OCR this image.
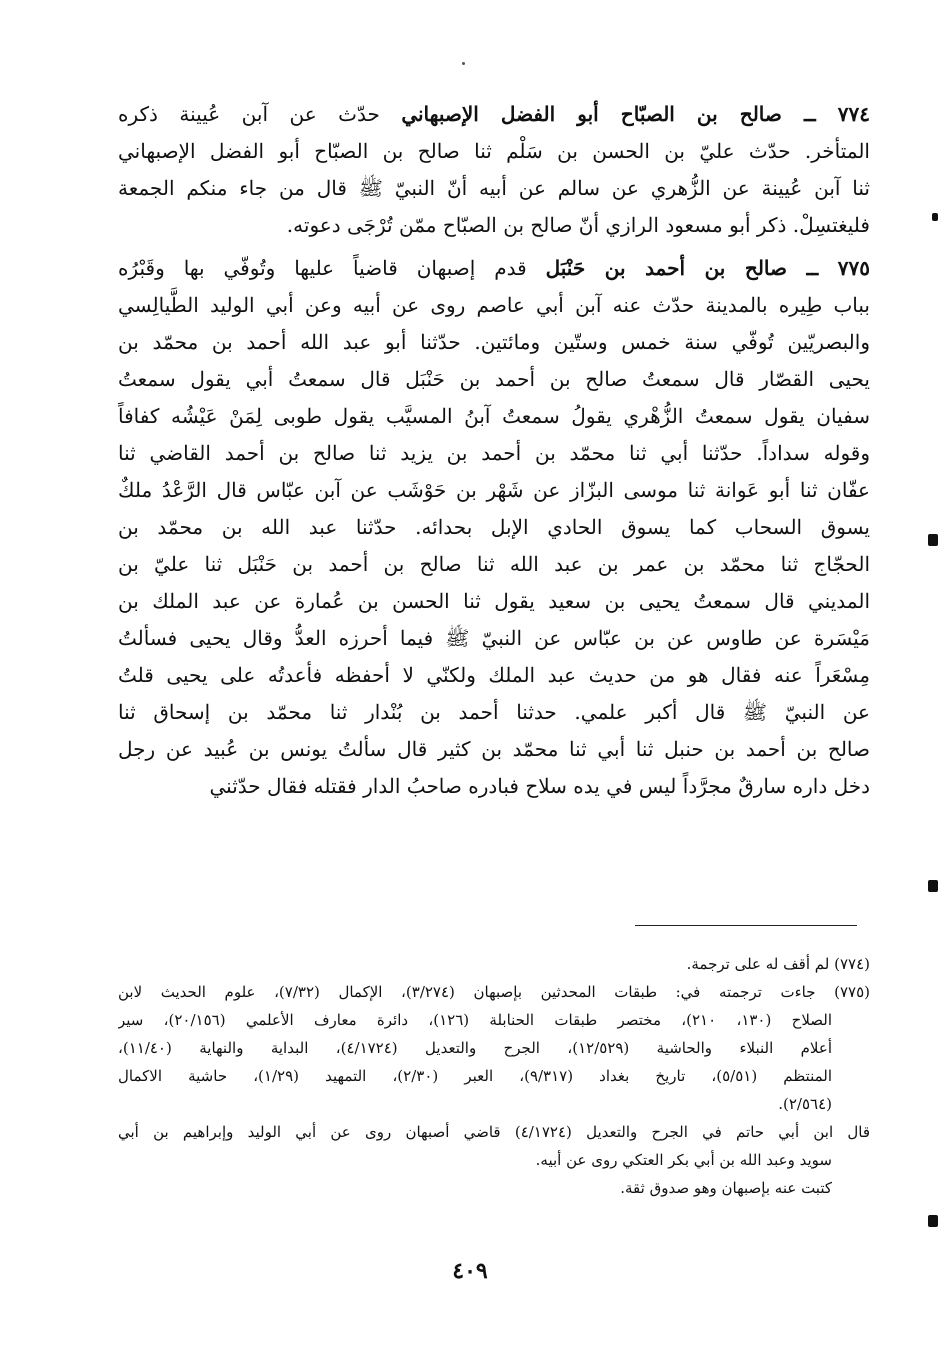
٧٧٤ ــ صالح بن الصبّاح أبو الفضل الإصبهاني حدّث عن آبن عُيينة ذكره
المتأخر. حدّث عليّ بن الحسن بن سَلْم ثنا صالح بن الصبّاح أبو الفضل الإصبهاني
ثنا آبن عُيينة عن الزُّهري عن سالم عن أبيه أنّ النبيّ ﷺ قال من جاء منكم الجمعة
فليغتسِلْ. ذكر أبو مسعود الرازي أنّ صالح بن الصبّاح ممّن تُرْجَى دعوته.
٧٧٥ ــ صالح بن أحمد بن حَنْبَل قدم إصبهان قاضياً عليها وتُوفّي بها وقَبْرُه
بباب طِيره بالمدينة حدّث عنه آبن أبي عاصم روى عن أبيه وعن أبي الوليد الطَّيالِسي
والبصريّين تُوفّي سنة خمس وستّين ومائتين. حدّثنا أبو عبد الله أحمد بن محمّد بن
يحيى القصّار قال سمعتُ صالح بن أحمد بن حَنْبَل قال سمعتُ أبي يقول سمعتُ
سفيان يقول سمعتُ الزُّهْري يقولُ سمعتُ آبنُ المسيَّب يقول طوبى لِمَنْ عَيْشُه كفافاً
وقوله سداداً. حدّثنا أبي ثنا محمّد بن أحمد بن يزيد ثنا صالح بن أحمد القاضي ثنا
عفّان ثنا أبو عَوانة ثنا موسى البزّاز عن شَهْر بن حَوْشَب عن آبن عبّاس قال الرَّعْدُ ملكٌ
يسوق السحاب كما يسوق الحادي الإبل بحدائه. حدّثنا عبد الله بن محمّد بن
الحجّاج ثنا محمّد بن عمر بن عبد الله ثنا صالح بن أحمد بن حَنْبَل ثنا عليّ بن
المديني قال سمعتُ يحيى بن سعيد يقول ثنا الحسن بن عُمارة عن عبد الملك بن
مَيْسَرة عن طاوس عن بن عبّاس عن النبيّ ﷺ فيما أحرزه العدُّ وقال يحيى فسألتُ
مِسْعَراً عنه فقال هو من حديث عبد الملك ولكنّي لا أحفظه فأعدتُه على يحيى قلتُ
عن النبيّ ﷺ قال أكبر علمي. حدثنا أحمد بن بُنْدار ثنا محمّد بن إسحاق ثنا
صالح بن أحمد بن حنبل ثنا أبي ثنا محمّد بن كثير قال سألتُ يونس بن عُبيد عن رجل
دخل داره سارقٌ مجرَّداً ليس في يده سلاح فبادره صاحبُ الدار فقتله فقال حدّثني
(٧٧٤) لم أقف له على ترجمة.
(٧٧٥) جاءت ترجمته في: طبقات المحدثين بإصبهان (٣/٢٧٤)، الإكمال (٧/٣٢)، علوم الحديث لابن
الصلاح (١٣٠، ٢١٠)، مختصر طبقات الحنابلة (١٢٦)، دائرة معارف الأعلمي (٢٠/١٥٦)، سير
أعلام النبلاء والحاشية (١٢/٥٢٩)، الجرح والتعديل (٤/١٧٢٤)، البداية والنهاية (١١/٤٠)،
المنتظم (٥/٥١)، تاريخ بغداد (٩/٣١٧)، العبر (٢/٣٠)، التمهيد (١/٢٩)، حاشية الاكمال
(٢/٥٦٤).
قال ابن أبي حاتم في الجرح والتعديل (٤/١٧٢٤) قاضي أصبهان روى عن أبي الوليد وإبراهيم بن أبي
سويد وعبد الله بن أبي بكر العتكي روى عن أبيه.
كتبت عنه بإصبهان وهو صدوق ثقة.
٤٠٩
